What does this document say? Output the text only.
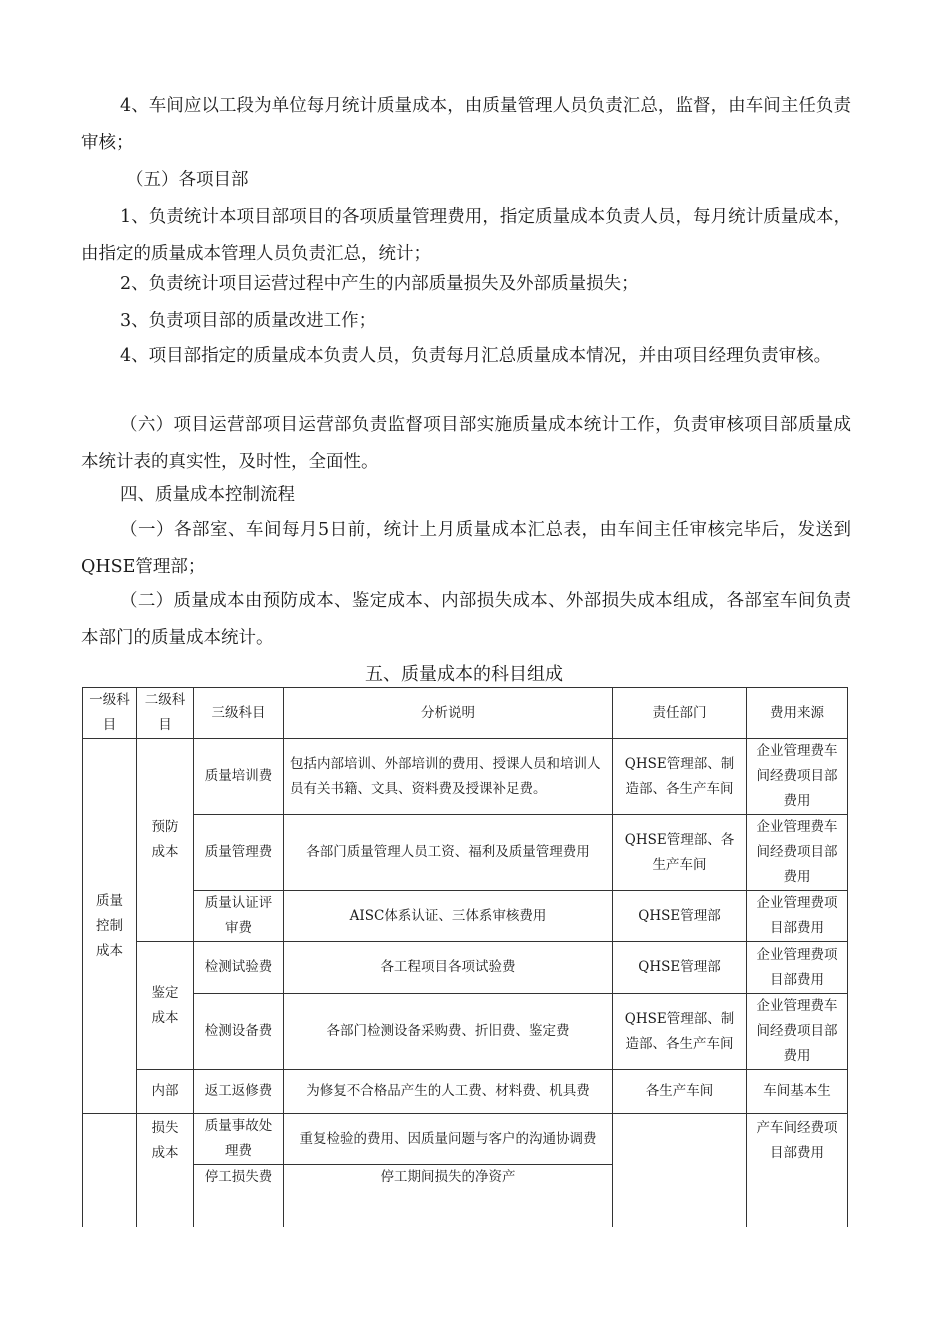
4、车间应以工段为单位每月统计质量成本，由质量管理人员负责汇总，监督，由车间主任负责审核；

（五）各项目部

1、负责统计本项目部项目的各项质量管理费用，指定质量成本负责人员，每月统计质量成本，由指定的质量成本管理人员负责汇总，统计；

2、负责统计项目运营过程中产生的内部质量损失及外部质量损失；

3、负责项目部的质量改进工作；

4、项目部指定的质量成本负责人员，负责每月汇总质量成本情况，并由项目经理负责审核。

（六）项目运营部项目运营部负责监督项目部实施质量成本统计工作，负责审核项目部质量成本统计表的真实性，及时性，全面性。

四、质量成本控制流程

（一）各部室、车间每月5日前，统计上月质量成本汇总表，由车间主任审核完毕后，发送到QHSE管理部；

（二）质量成本由预防成本、鉴定成本、内部损失成本、外部损失成本组成，各部室车间负责本部门的质量成本统计。

五、质量成本的科目组成

一级科目	二级科目	三级科目	分析说明	责任部门	费用来源
质量控制成本	预防成本	质量培训费	包括内部培训、外部培训的费用、授课人员和培训人员有关书籍、文具、资料费及授课补足费。	QHSE管理部、制造部、各生产车间	企业管理费车间经费项目部费用
		质量管理费	各部门质量管理人员工资、福利及质量管理费用	QHSE管理部、各生产车间	企业管理费车间经费项目部费用
		质量认证评审费	AISC体系认证、三体系审核费用	QHSE管理部	企业管理费项目部费用
	鉴定成本	检测试验费	各工程项目各项试验费	QHSE管理部	企业管理费项目部费用
		检测设备费	各部门检测设备采购费、折旧费、鉴定费	QHSE管理部、制造部、各生产车间	企业管理费车间经费项目部费用
	内部	返工返修费	为修复不合格品产生的人工费、材料费、机具费	各生产车间	车间基本生
	损失成本	质量事故处理费	重复检验的费用、因质量问题与客户的沟通协调费		产车间经费项目部费用
		停工损失费	停工期间损失的净资产		
